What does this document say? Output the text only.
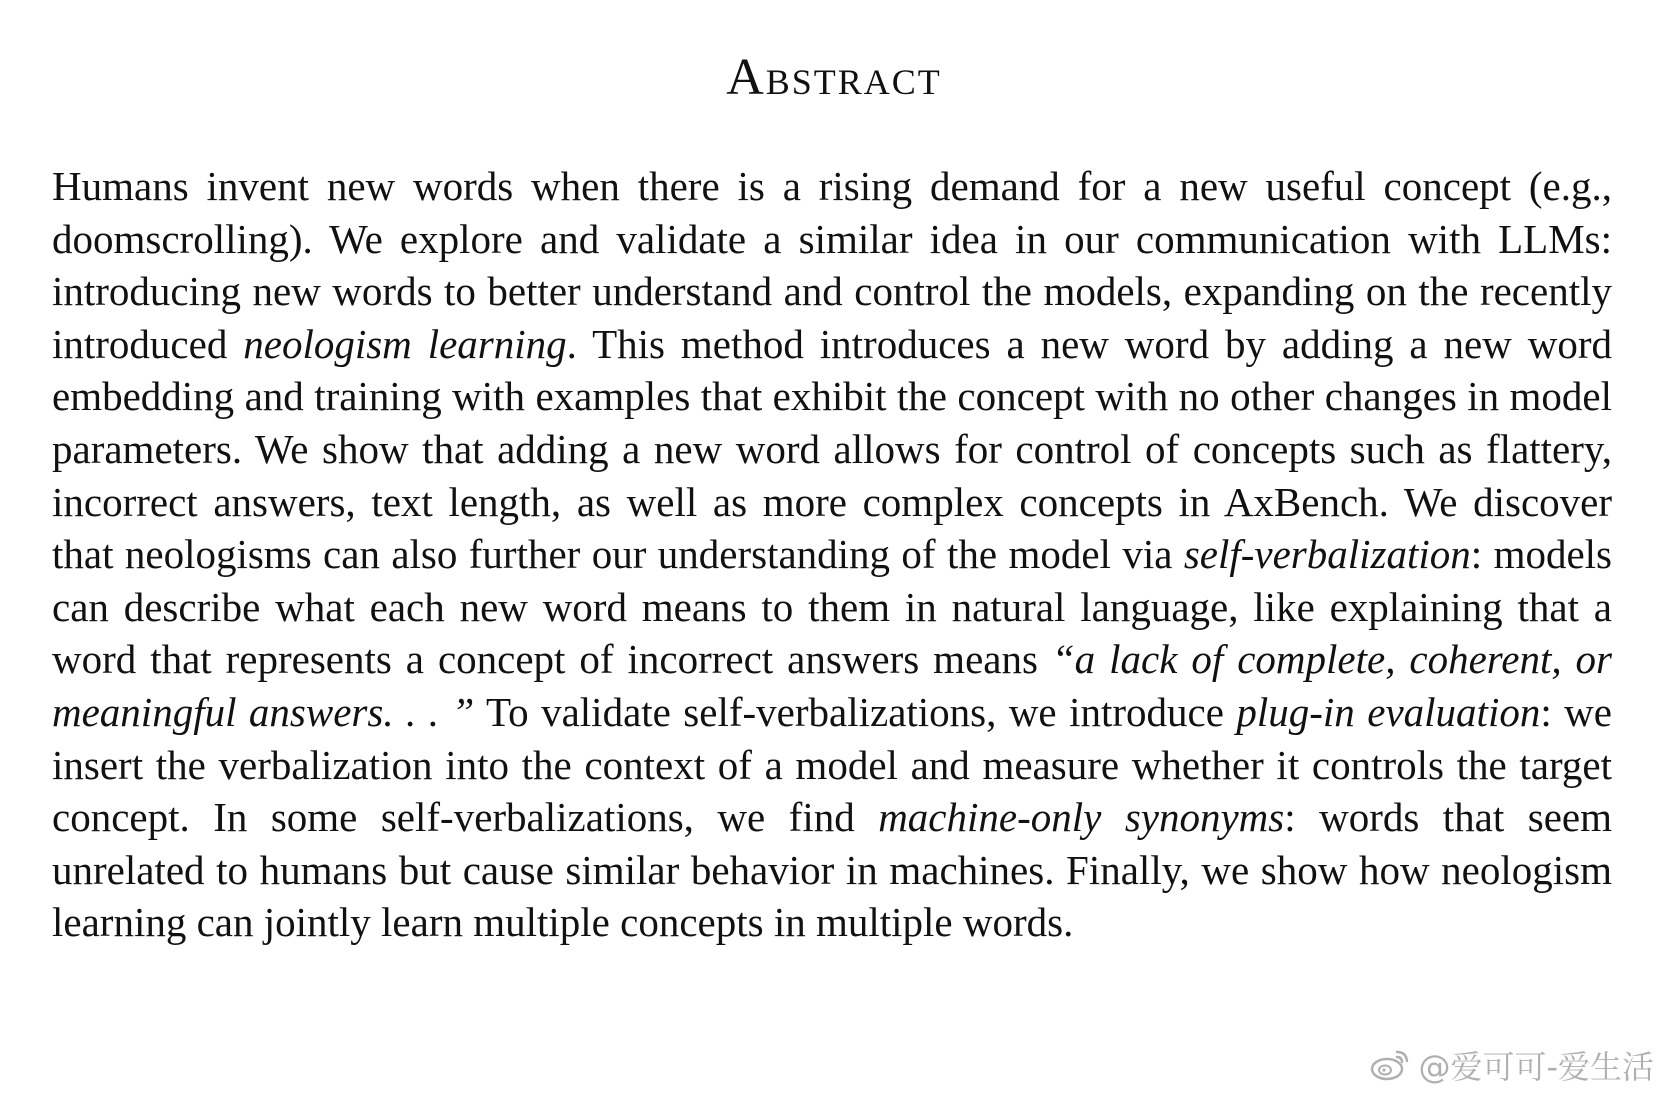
Abstract

Humans invent new words when there is a rising demand for a new useful concept (e.g., doomscrolling). We explore and validate a similar idea in our communication with LLMs: introducing new words to better understand and control the models, expanding on the recently introduced neologism learning. This method introduces a new word by adding a new word embedding and training with examples that exhibit the concept with no other changes in model parameters. We show that adding a new word allows for control of concepts such as flattery, incorrect answers, text length, as well as more complex concepts in AxBench. We discover that neologisms can also further our understanding of the model via self-verbalization: models can describe what each new word means to them in natural language, like explaining that a word that represents a concept of incorrect answers means “a lack of complete, coherent, or meaningful answers. . . ” To validate self-verbalizations, we introduce plug-in evaluation: we insert the verbalization into the context of a model and measure whether it controls the target concept. In some self-verbalizations, we find machine-only synonyms: words that seem unrelated to humans but cause similar behavior in machines. Finally, we show how neologism learning can jointly learn multiple concepts in multiple words.

@爱可可-爱生活
